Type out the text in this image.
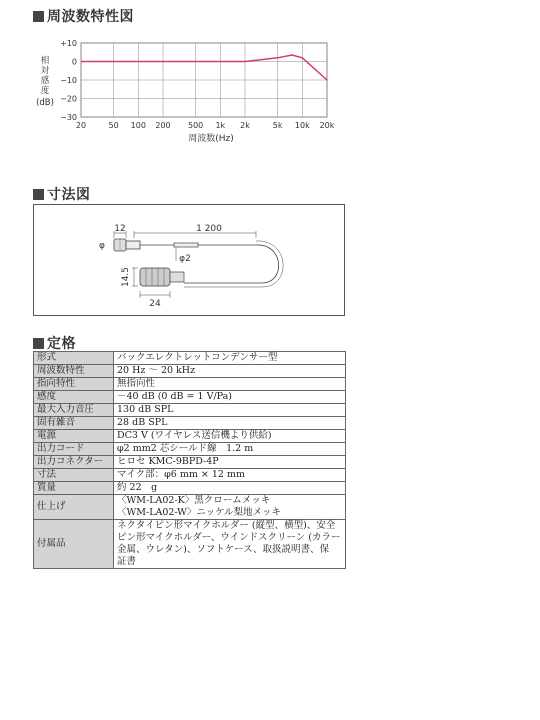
周波数特性図
相
対
感
度
(dB)
+10
0
−10
−20
−30
20	50 100 200 500 1k 2k	5k 10k 20k
周波数(Hz)
寸法図
12	1 200
φ
φ2
14.5
24
定格
形式	バックエレクトレットコンデンサー型

周波数特性	20 Hz ～ 20 kHz

指向特性	無指向性

感度	－40 dB (0 dB = 1 V/Pa)

最大入力音圧	130 dB SPL

固有雑音	28 dB SPL

電源	DC3 V (ワイヤレス送信機より供給)

出力コード	φ2 mm2 芯シールド線　1.2 m

出力コネクター	ヒロセ KMC-9BPD-4P

寸法	マイク部：φ6 mm × 12 mm

質量	約 22　g

仕上げ	〈WM-LA02-K〉黒クロームメッキ
〈WM-LA02-W〉ニッケル梨地メッキ

付属品	ネクタイピン形マイクホルダー (縦型、横型)、安全
ピン形マイクホルダー、ウインドスクリーン (カラー
金属、ウレタン)、ソフトケース、取扱説明書、保
証書
